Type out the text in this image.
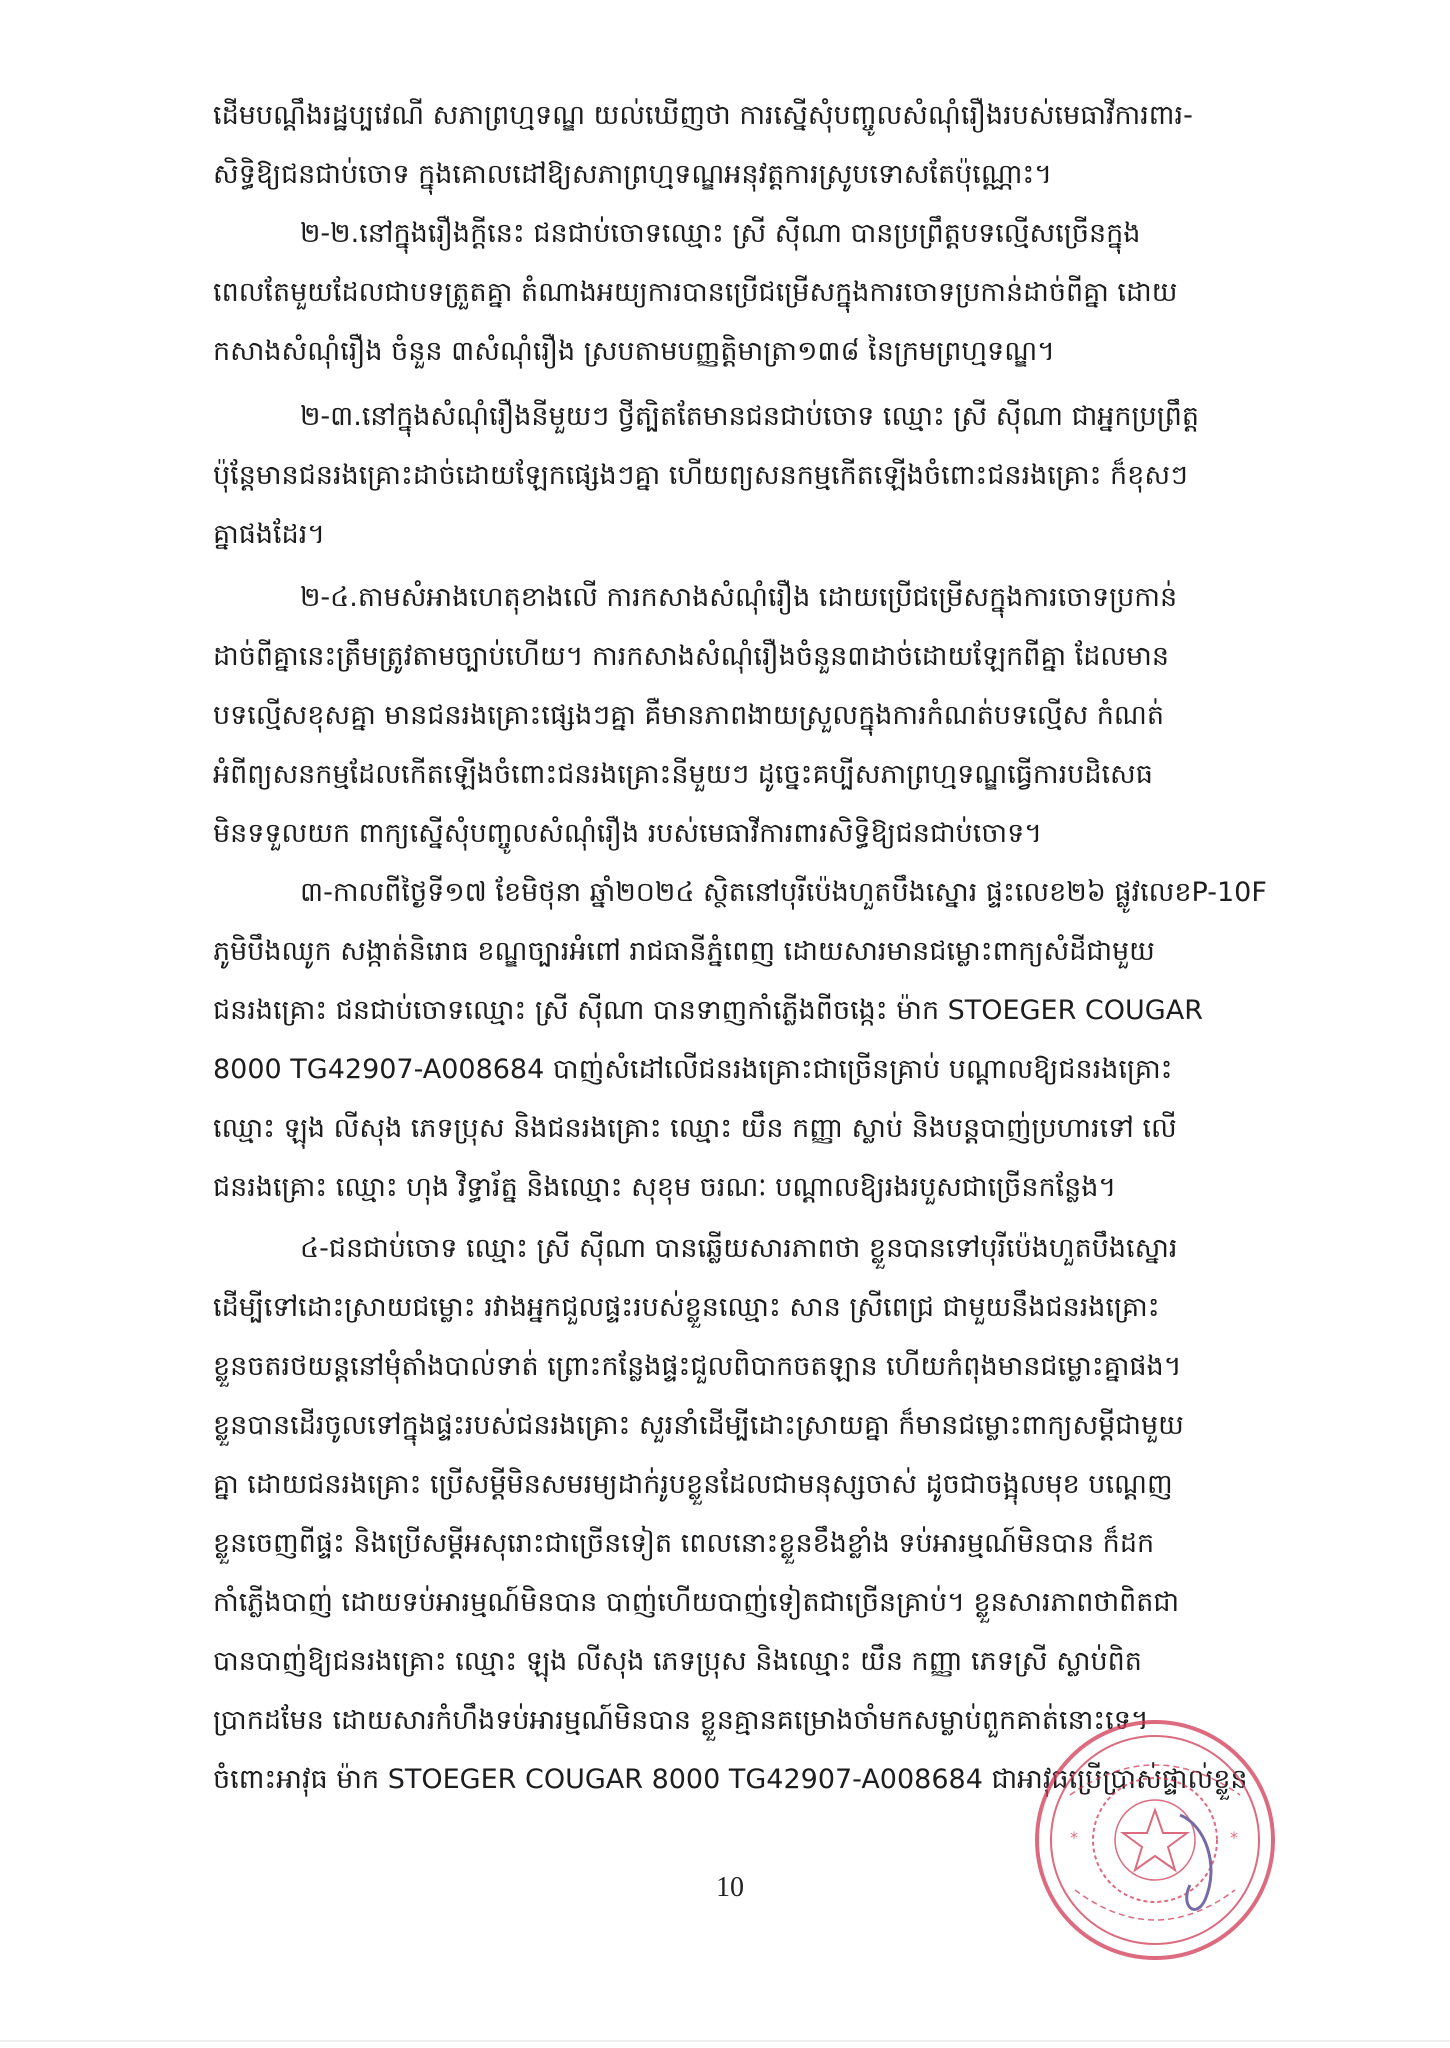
ដើមបណ្ដឹងរដ្ឋប្បវេណី សភាព្រហ្មទណ្ឌ យល់ឃើញថា ការស្នើសុំបញ្ចូលសំណុំរឿងរបស់មេធាវីការពារ-
សិទ្ធិឱ្យជនជាប់ចោទ ក្នុងគោលដៅឱ្យសភាព្រហ្មទណ្ឌអនុវត្តការស្រូបទោសតែប៉ុណ្ណោះ។
២-២.នៅក្នុងរឿងក្ដីនេះ ជនជាប់ចោទឈ្មោះ ស្រី ស៊ីណា បានប្រព្រឹត្តបទល្មើសច្រើនក្នុង
ពេលតែមួយដែលជាបទត្រួតគ្នា តំណាងអយ្យការបានប្រើជម្រើសក្នុងការចោទប្រកាន់ដាច់ពីគ្នា ដោយ
កសាងសំណុំរឿង ចំនួន ៣សំណុំរឿង ស្របតាមបញ្ញត្តិមាត្រា១៣៨ នៃក្រមព្រហ្មទណ្ឌ។
២-៣.នៅក្នុងសំណុំរឿងនីមួយៗ ថ្វីត្បិតតែមានជនជាប់ចោទ ឈ្មោះ ស្រី ស៊ីណា ជាអ្នកប្រព្រឹត្ត
ប៉ុន្តែមានជនរងគ្រោះដាច់ដោយឡែកផ្សេងៗគ្នា ហើយព្យសនកម្មកើតឡើងចំពោះជនរងគ្រោះ ក៏ខុសៗ
គ្នាផងដែរ។
២-៤.តាមសំអាងហេតុខាងលើ ការកសាងសំណុំរឿង ដោយប្រើជម្រើសក្នុងការចោទប្រកាន់
ដាច់ពីគ្នានេះត្រឹមត្រូវតាមច្បាប់ហើយ។ ការកសាងសំណុំរឿងចំនួន៣ដាច់ដោយឡែកពីគ្នា ដែលមាន
បទល្មើសខុសគ្នា មានជនរងគ្រោះផ្សេងៗគ្នា គឺមានភាពងាយស្រួលក្នុងការកំណត់បទល្មើស កំណត់
អំពីព្យសនកម្មដែលកើតឡើងចំពោះជនរងគ្រោះនីមួយៗ ដូច្នេះគប្បីសភាព្រហ្មទណ្ឌធ្វើការបដិសេធ
មិនទទួលយក ពាក្យស្នើសុំបញ្ចូលសំណុំរឿង របស់មេធាវីការពារសិទ្ធិឱ្យជនជាប់ចោទ។
៣-កាលពីថ្ងៃទី១៧ ខែមិថុនា ឆ្នាំ២០២៤ ស្ថិតនៅបុរីប៉េងហួតបឹងស្នោរ ផ្ទះលេខ២៦ ផ្លូវលេខP-10F
ភូមិបឹងឈូក សង្កាត់និរោធ ខណ្ឌច្បារអំពៅ រាជធានីភ្នំពេញ ដោយសារមានជម្លោះពាក្យសំដីជាមួយ
ជនរងគ្រោះ ជនជាប់ចោទឈ្មោះ ស្រី ស៊ីណា បានទាញកាំភ្លើងពីចង្កេះ ម៉ាក STOEGER COUGAR
8000 TG42907-A008684 បាញ់សំដៅលើជនរងគ្រោះជាច្រើនគ្រាប់ បណ្ដាលឱ្យជនរងគ្រោះ
ឈ្មោះ ឡុង លីសុង ភេទប្រុស និងជនរងគ្រោះ ឈ្មោះ យឹន កញ្ញា ស្លាប់ និងបន្តបាញ់ប្រហារទៅ លើ
ជនរងគ្រោះ ឈ្មោះ ហុង វិទ្ធារ័ត្ន និងឈ្មោះ សុខុម ចរណៈ បណ្ដាលឱ្យរងរបួសជាច្រើនកន្លែង។
៤-ជនជាប់ចោទ ឈ្មោះ ស្រី ស៊ីណា បានឆ្លើយសារភាពថា ខ្លួនបានទៅបុរីប៉េងហួតបឹងស្នោរ
ដើម្បីទៅដោះស្រាយជម្លោះ រវាងអ្នកជួលផ្ទះរបស់ខ្លួនឈ្មោះ សាន ស្រីពេជ្រ ជាមួយនឹងជនរងគ្រោះ
ខ្លួនចតរថយន្តនៅមុំតាំងបាល់ទាត់ ព្រោះកន្លែងផ្ទះជួលពិបាកចតឡាន ហើយកំពុងមានជម្លោះគ្នាផង។
ខ្លួនបានដើរចូលទៅក្នុងផ្ទះរបស់ជនរងគ្រោះ សួរនាំដើម្បីដោះស្រាយគ្នា ក៏មានជម្លោះពាក្យសម្ដីជាមួយ
គ្នា ដោយជនរងគ្រោះ ប្រើសម្ដីមិនសមរម្យដាក់រូបខ្លួនដែលជាមនុស្សចាស់ ដូចជាចង្អុលមុខ បណ្ដេញ
ខ្លួនចេញពីផ្ទះ និងប្រើសម្ដីអសុរោះជាច្រើនទៀត ពេលនោះខ្លួនខឹងខ្លាំង ទប់អារម្មណ៍មិនបាន ក៏ដក
កាំភ្លើងបាញ់ ដោយទប់អារម្មណ៍មិនបាន បាញ់ហើយបាញ់ទៀតជាច្រើនគ្រាប់។ ខ្លួនសារភាពថាពិតជា
បានបាញ់ឱ្យជនរងគ្រោះ ឈ្មោះ ឡុង លីសុង ភេទប្រុស និងឈ្មោះ យឹន កញ្ញា ភេទស្រី ស្លាប់ពិត
ប្រាកដមែន ដោយសារកំហឹងទប់អារម្មណ៍មិនបាន ខ្លួនគ្មានគម្រោងចាំមកសម្លាប់ពួកគាត់នោះទេ។
ចំពោះអាវុធ ម៉ាក STOEGER COUGAR 8000 TG42907-A008684 ជាអាវុធប្រើប្រាស់ផ្ទាល់ខ្លួន
*	*
10
